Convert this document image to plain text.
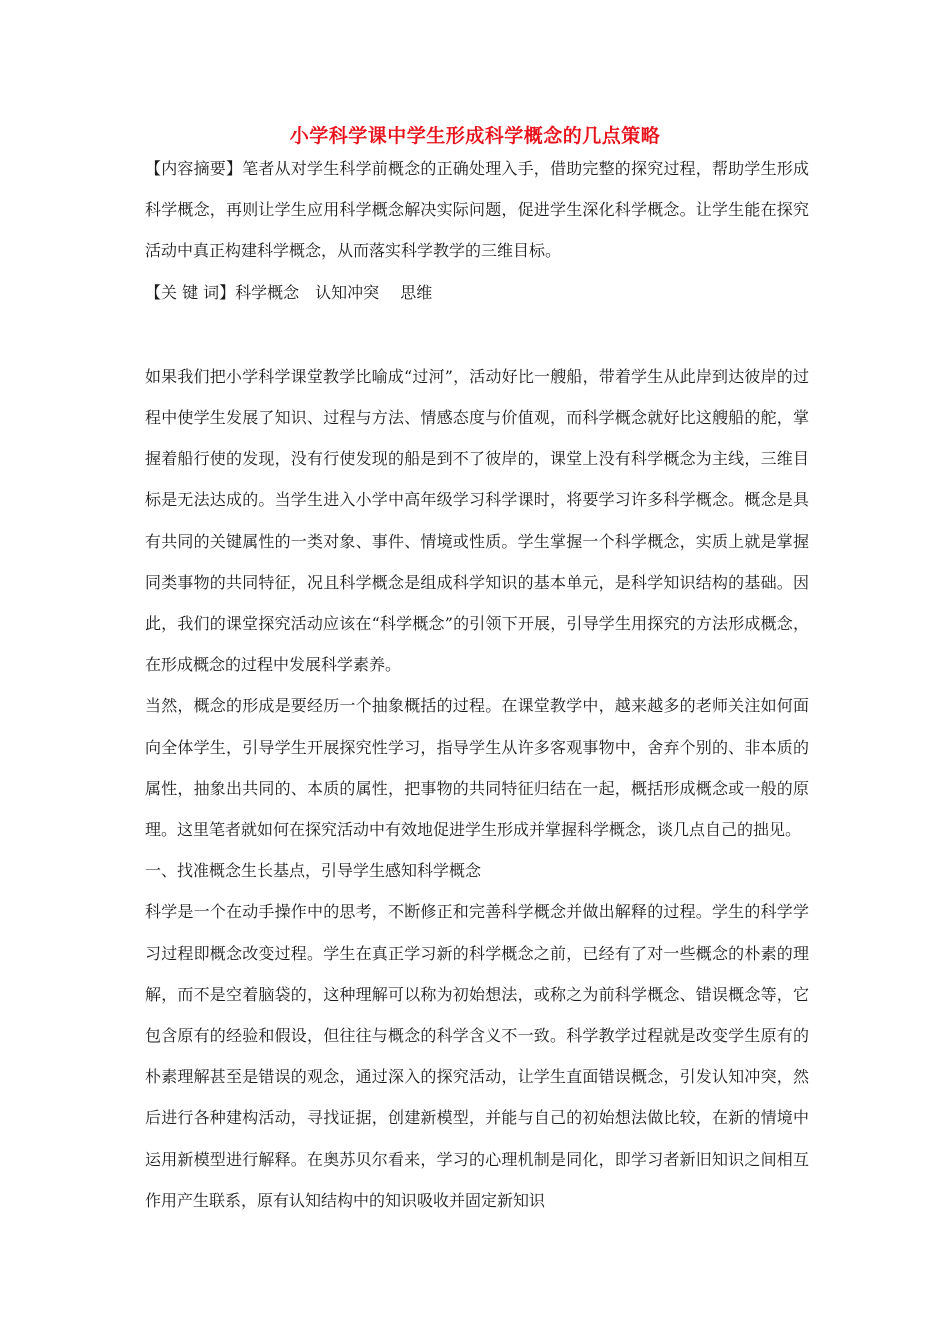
小学科学课中学生形成科学概念的几点策略

【内容摘要】笔者从对学生科学前概念的正确处理入手，借助完整的探究过程，帮助学生形成科学概念，再则让学生应用科学概念解决实际问题，促进学生深化科学概念。让学生能在探究活动中真正构建科学概念，从而落实科学教学的三维目标。

【关 键 词】科学概念　认知冲突　 思维

如果我们把小学科学课堂教学比喻成“过河”，活动好比一艘船，带着学生从此岸到达彼岸的过程中使学生发展了知识、过程与方法、情感态度与价值观，而科学概念就好比这艘船的舵，掌握着船行使的发现，没有行使发现的船是到不了彼岸的，课堂上没有科学概念为主线，三维目标是无法达成的。当学生进入小学中高年级学习科学课时，将要学习许多科学概念。概念是具有共同的关键属性的一类对象、事件、情境或性质。学生掌握一个科学概念，实质上就是掌握同类事物的共同特征，况且科学概念是组成科学知识的基本单元，是科学知识结构的基础。因此，我们的课堂探究活动应该在“科学概念”的引领下开展，引导学生用探究的方法形成概念，在形成概念的过程中发展科学素养。

当然，概念的形成是要经历一个抽象概括的过程。在课堂教学中，越来越多的老师关注如何面向全体学生，引导学生开展探究性学习，指导学生从许多客观事物中，舍弃个别的、非本质的属性，抽象出共同的、本质的属性，把事物的共同特征归结在一起，概括形成概念或一般的原理。这里笔者就如何在探究活动中有效地促进学生形成并掌握科学概念，谈几点自己的拙见。

一、找准概念生长基点，引导学生感知科学概念

科学是一个在动手操作中的思考，不断修正和完善科学概念并做出解释的过程。学生的科学学习过程即概念改变过程。学生在真正学习新的科学概念之前，已经有了对一些概念的朴素的理解，而不是空着脑袋的，这种理解可以称为初始想法，或称之为前科学概念、错误概念等，它包含原有的经验和假设，但往往与概念的科学含义不一致。科学教学过程就是改变学生原有的朴素理解甚至是错误的观念，通过深入的探究活动，让学生直面错误概念，引发认知冲突，然后进行各种建构活动，寻找证据，创建新模型，并能与自己的初始想法做比较，在新的情境中运用新模型进行解释。在奥苏贝尔看来，学习的心理机制是同化，即学习者新旧知识之间相互作用产生联系，原有认知结构中的知识吸收并固定新知识
